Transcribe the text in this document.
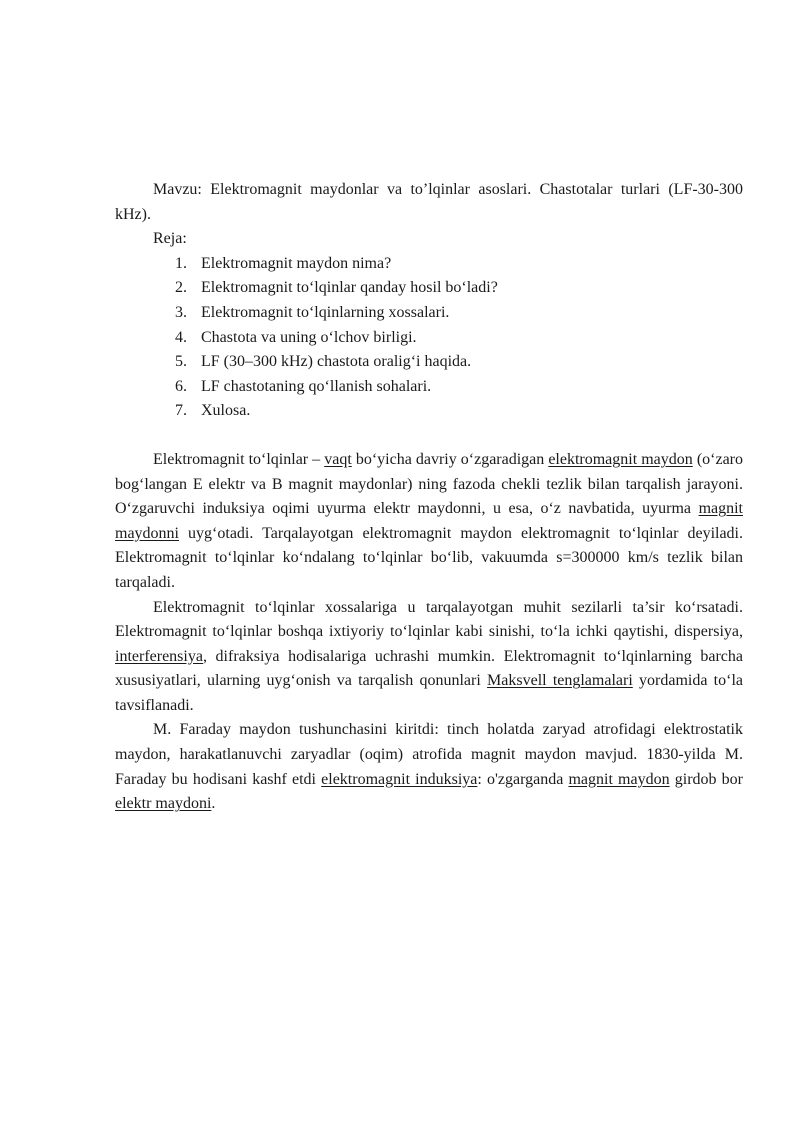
Mavzu: Elektromagnit maydonlar va to’lqinlar asoslari. Chastotalar turlari (LF-30-300 kHz).

Reja:
1. Elektromagnit maydon nima?
2. Elektromagnit to‘lqinlar qanday hosil bo‘ladi?
3. Elektromagnit to‘lqinlarning xossalari.
4. Chastota va uning o‘lchov birligi.
5. LF (30–300 kHz) chastota oralig‘i haqida.
6. LF chastotaning qo‘llanish sohalari.
7. Xulosa.

Elektromagnit to‘lqinlar – vaqt bo‘yicha davriy o‘zgaradigan elektromagnit maydon (o‘zaro bog‘langan E elektr va B magnit maydonlar) ning fazoda chekli tezlik bilan tarqalish jarayoni. O‘zgaruvchi induksiya oqimi uyurma elektr maydonni, u esa, o‘z navbatida, uyurma magnit maydonni uyg‘otadi. Tarqalayotgan elektromagnit maydon elektromagnit to‘lqinlar deyiladi. Elektromagnit to‘lqinlar ko‘ndalang to‘lqinlar bo‘lib, vakuumda s=300000 km/s tezlik bilan tarqaladi.

Elektromagnit to‘lqinlar xossalariga u tarqalayotgan muhit sezilarli ta’sir ko‘rsatadi. Elektromagnit to‘lqinlar boshqa ixtiyoriy to‘lqinlar kabi sinishi, to‘la ichki qaytishi, dispersiya, interferensiya, difraksiya hodisalariga uchrashi mumkin. Elektromagnit to‘lqinlarning barcha xususiyatlari, ularning uyg‘onish va tarqalish qonunlari Maksvell tenglamalari yordamida to‘la tavsiflanadi.

M. Faraday maydon tushunchasini kiritdi: tinch holatda zaryad atrofidagi elektrostatik maydon, harakatlanuvchi zaryadlar (oqim) atrofida magnit maydon mavjud. 1830-yilda M. Faraday bu hodisani kashf etdi elektromagnit induksiya: o'zgarganda magnit maydon girdob bor elektr maydoni.
